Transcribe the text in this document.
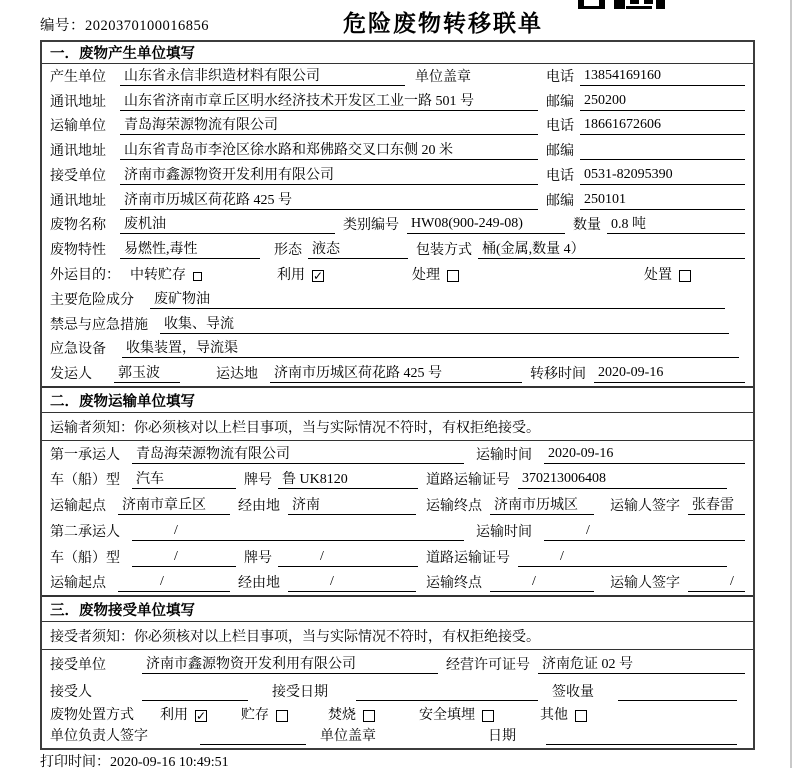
编号：2020370100016856	危险废物转移联单
一．废物产生单位填写
产生单位 山东省永信非织造材料有限公司	单位盖章	电话 13854169160
通讯地址 山东省济南市章丘区明水经济技术开发区工业一路 501 号	邮编 250200
运输单位 青岛海荣源物流有限公司	电话 18661672606
通讯地址 山东省青岛市李沧区徐水路和郑佛路交叉口东侧 20 米	邮编
接受单位 济南市鑫源物资开发利用有限公司	电话 0531-82095390
通讯地址 济南市历城区荷花路 425 号	邮编 250101
废物名称 废机油	类别编号 HW08(900-249-08)	数量 0.8 吨
废物特性 易燃性,毒性	形态 液态	包装方式 桶(金属,数量 4）
外运目的： 中转贮存	利用 ✓	处理	处置
主要危险成分 废矿物油
禁忌与应急措施 收集、导流
应急设备 收集装置，导流渠
发运人 郭玉波	运达地 济南市历城区荷花路 425 号	转移时间 2020-09-16
二．废物运输单位填写
运输者须知：你必须核对以上栏目事项，当与实际情况不符时，有权拒绝接受。
第一承运人 青岛海荣源物流有限公司	运输时间 2020-09-16
车（船）型 汽车	牌号 鲁 UK8120	道路运输证号 370213006408
运输起点 济南市章丘区	经由地 济南	运输终点 济南市历城区	运输人签字 张春雷
第二承运人	/	运输时间	/
车（船）型	/	牌号	/	道路运输证号	/
运输起点	/	经由地	/	运输终点	/	运输人签字	/
三．废物接受单位填写
接受者须知：你必须核对以上栏目事项，当与实际情况不符时，有权拒绝接受。
接受单位	济南市鑫源物资开发利用有限公司	经营许可证号 济南危证 02 号
接受人	接受日期	签收量
废物处置方式 利用 ✓ 贮存	焚烧	安全填埋	其他
单位负责人签字	单位盖章	日期
打印时间：2020-09-16 10:49:51
